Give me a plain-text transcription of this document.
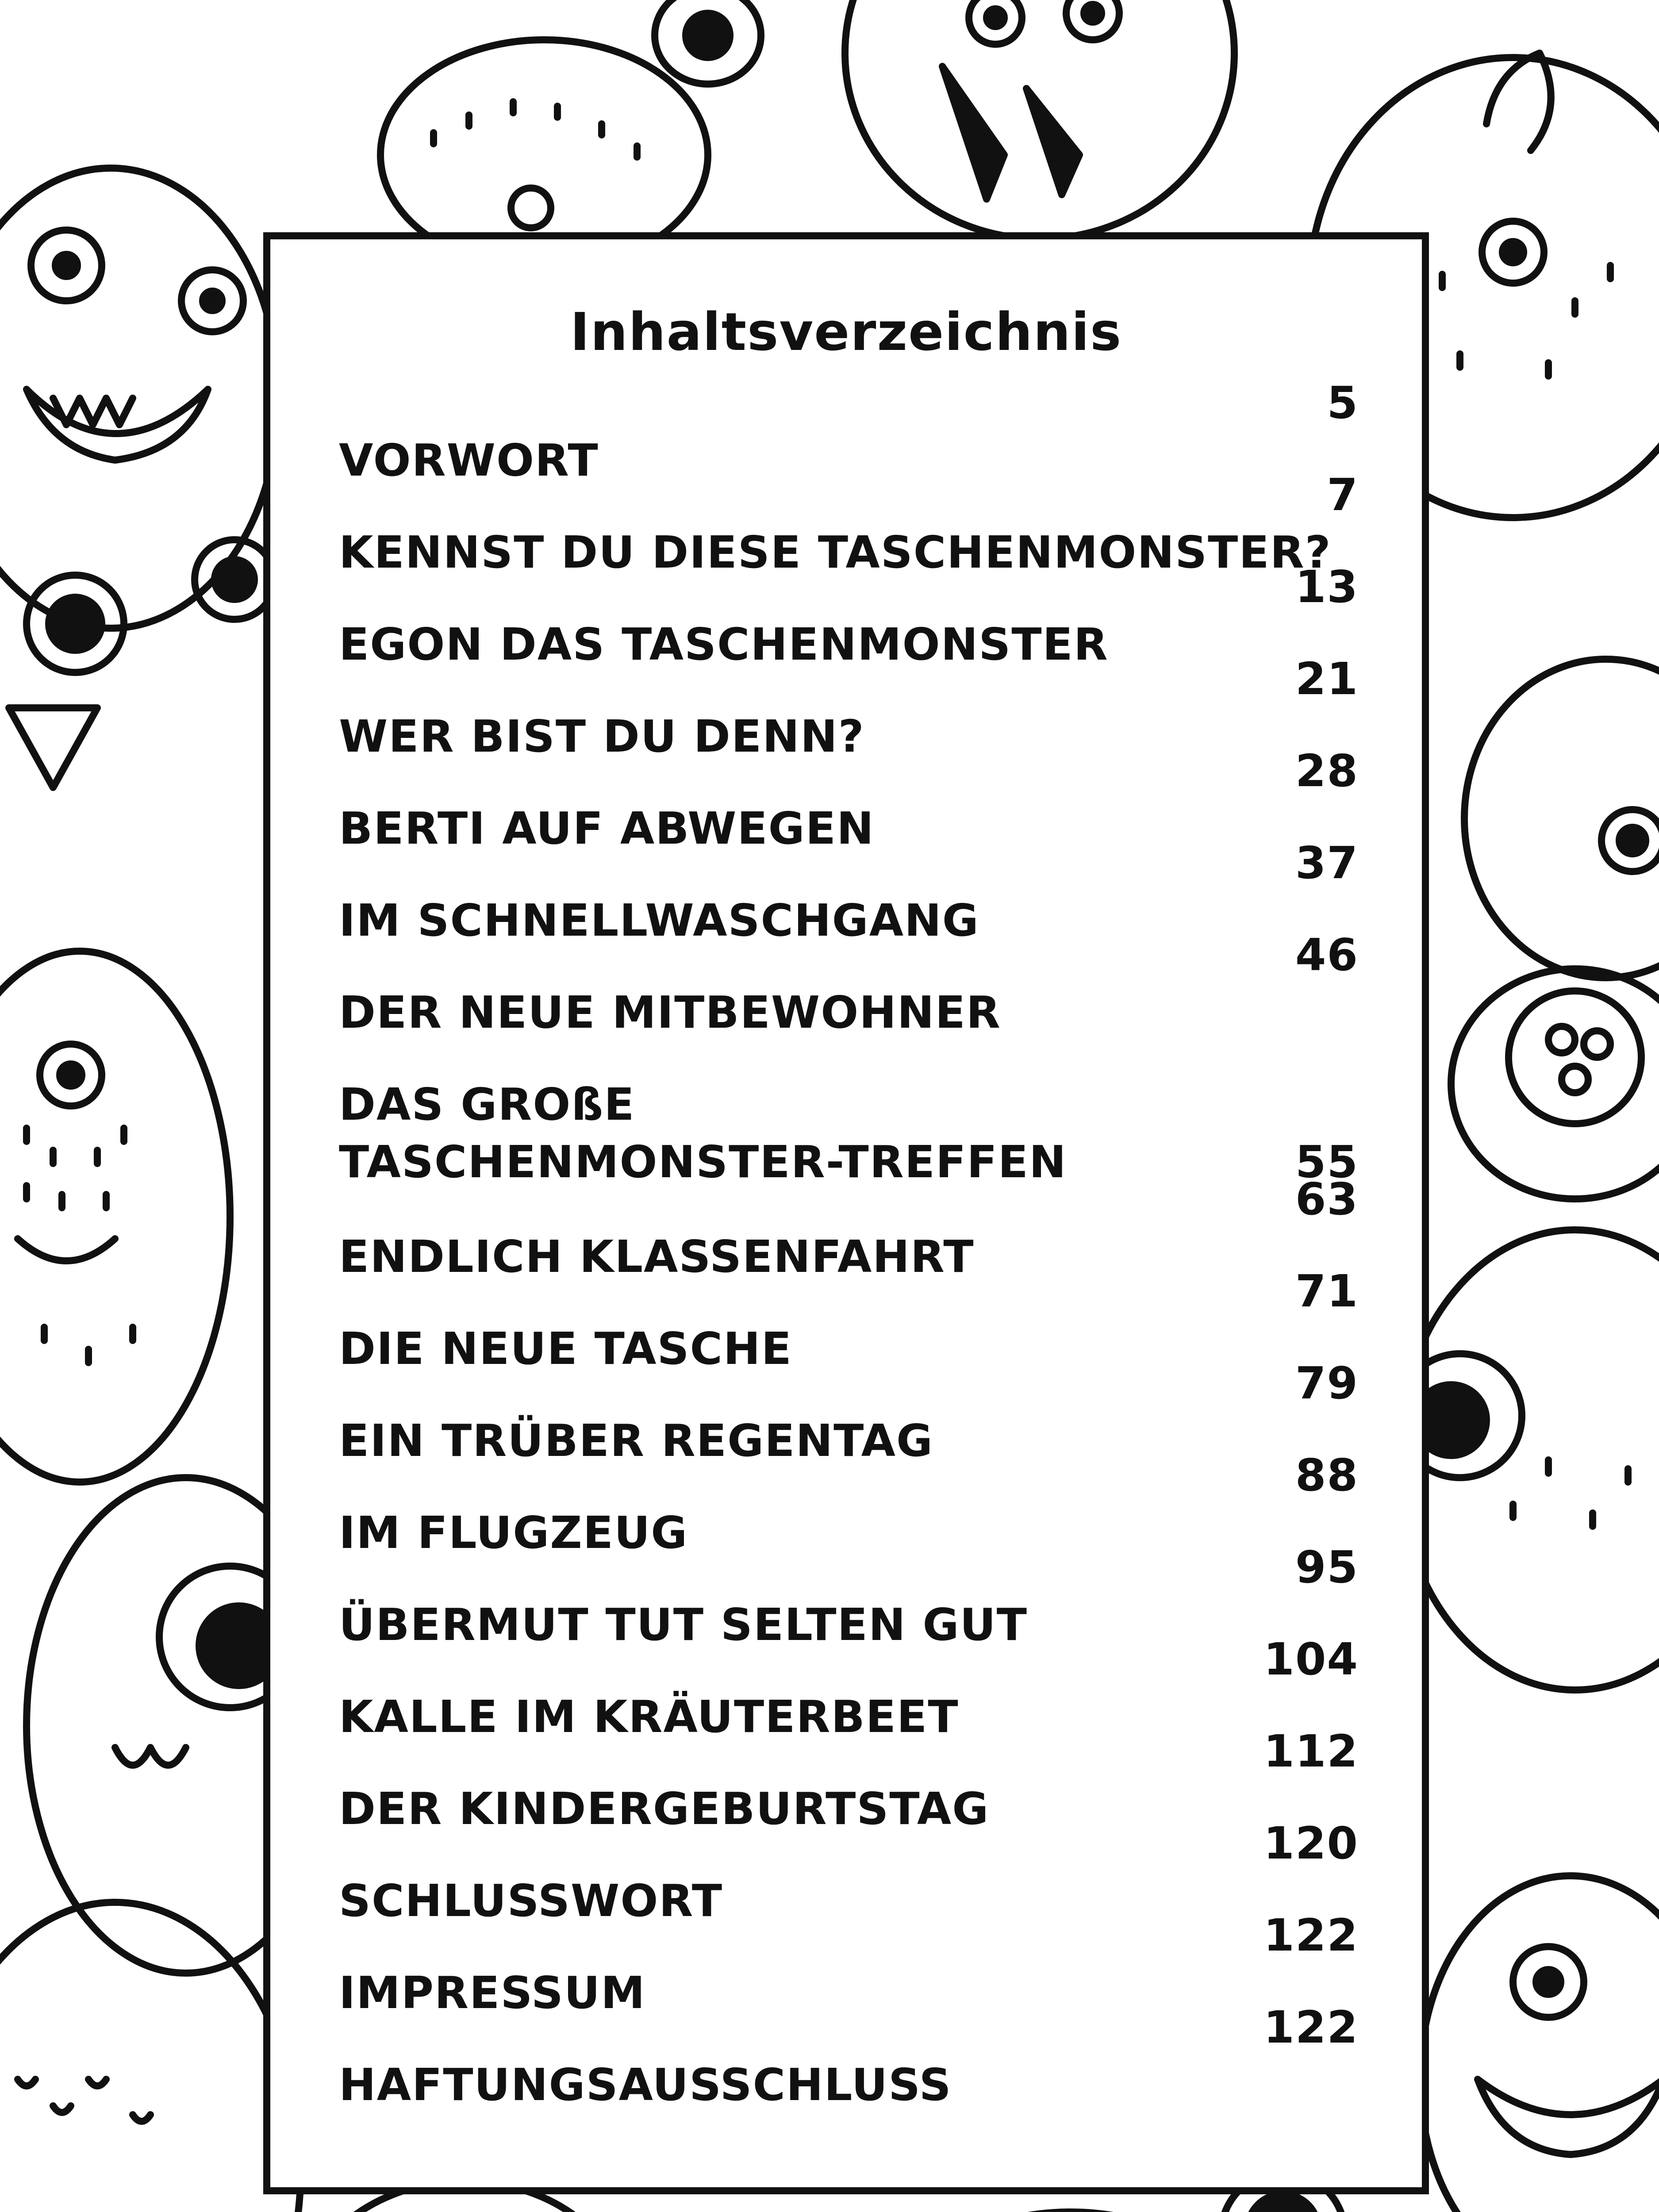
Inhaltsverzeichnis
VORWORT
5
KENNST DU DIESE TASCHENMONSTER?
7
EGON DAS TASCHENMONSTER
13
WER BIST DU DENN?
21
BERTI AUF ABWEGEN
28
IM SCHNELLWASCHGANG
37
DER NEUE MITBEWOHNER
46
DAS GROßE TASCHENMONSTER-TREFFEN	55
ENDLICH KLASSENFAHRT
63
DIE NEUE TASCHE
71
EIN TRÜBER REGENTAG
79
IM FLUGZEUG
88
ÜBERMUT TUT SELTEN GUT
95
KALLE IM KRÄUTERBEET
104
DER KINDERGEBURTSTAG
112
SCHLUSSWORT
120
IMPRESSUM
122
HAFTUNGSAUSSCHLUSS
122
